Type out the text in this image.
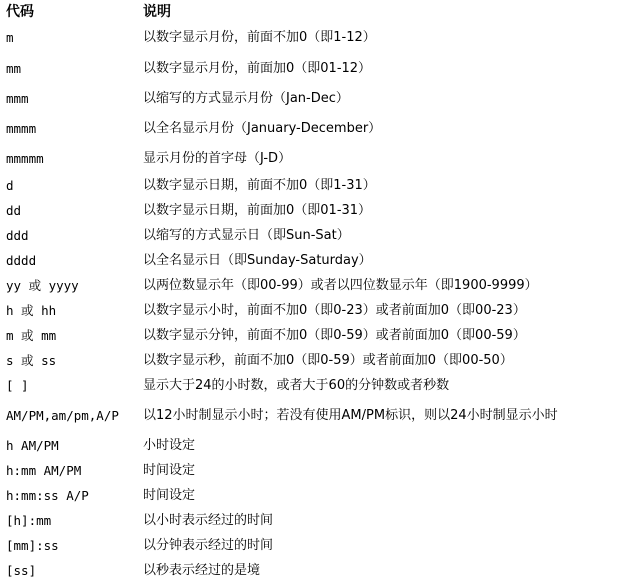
代码	说明
m	以数字显示月份，前面不加0（即1-12）
mm	以数字显示月份，前面加0（即01-12）
mmm	以缩写的方式显示月份（Jan-Dec）
mmmm	以全名显示月份（January-December）
mmmmm	显示月份的首字母（J-D）
d	以数字显示日期，前面不加0（即1-31）
dd	以数字显示日期，前面加0（即01-31）
ddd	以缩写的方式显示日（即Sun-Sat）
dddd	以全名显示日（即Sunday-Saturday）
yy 或 yyyy	以两位数显示年（即00-99）或者以四位数显示年（即1900-9999）
h 或 hh	以数字显示小时，前面不加0（即0-23）或者前面加0（即00-23）
m 或 mm	以数字显示分钟，前面不加0（即0-59）或者前面加0（即00-59）
s 或 ss	以数字显示秒，前面不加0（即0-59）或者前面加0（即00-50）
[ ]	显示大于24的小时数，或者大于60的分钟数或者秒数
AM/PM,am/pm,A/P 以12小时制显示小时；若没有使用AM/PM标识，则以24小时制显示小时
h AM/PM	小时设定
h:mm AM/PM	时间设定
h:mm:ss A/P	时间设定
[h]:mm	以小时表示经过的时间
[mm]:ss	以分钟表示经过的时间
[ss]	以秒表示经过的是境
